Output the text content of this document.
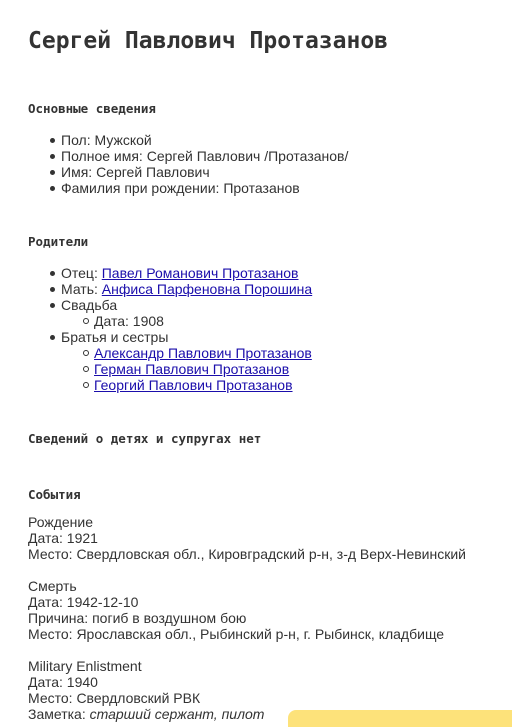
Сергей Павлович Протазанов
Основные сведения
Пол: Мужской
Полное имя: Сергей Павлович /Протазанов/
Имя: Сергей Павлович
Фамилия при рождении: Протазанов
Родители
Отец: Павел Романович Протазанов
Мать: Анфиса Парфеновна Порошина
Свадьба
Дата: 1908
Братья и сестры
Александр Павлович Протазанов
Герман Павлович Протазанов
Георгий Павлович Протазанов
Сведений о детях и супругах нет
События
Рождение
Дата: 1921
Место: Свердловская обл., Кировградский р-н, з-д Верх-Невинский
Смерть
Дата: 1942-12-10
Причина: погиб в воздушном бою
Место: Ярославская обл., Рыбинский р-н, г. Рыбинск, кладбище
Military Enlistment
Дата: 1940
Место: Свердловский РВК
Заметка: старший сержант, пилот
